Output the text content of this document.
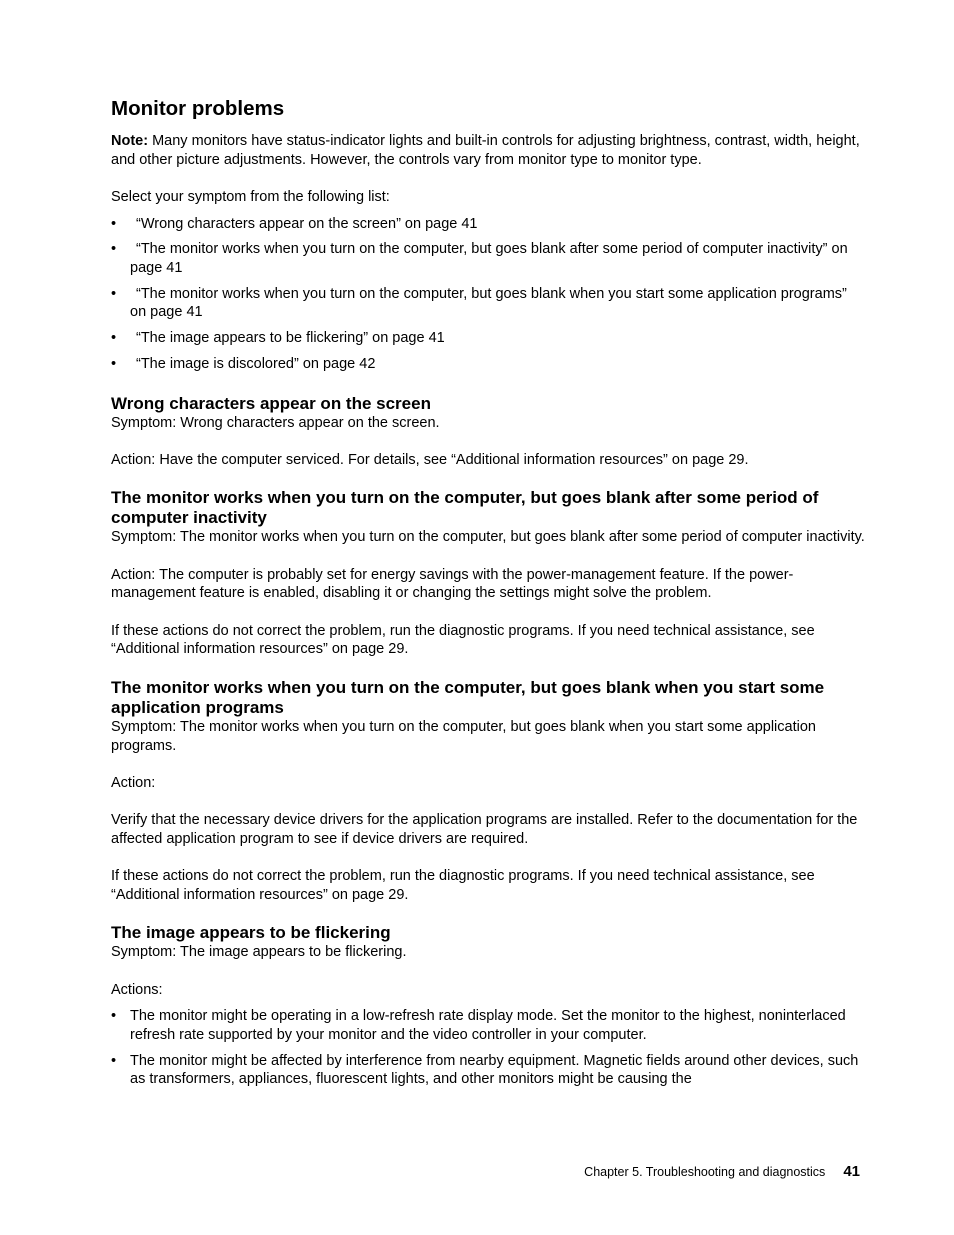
Monitor problems

Note: Many monitors have status-indicator lights and built-in controls for adjusting brightness, contrast, width, height, and other picture adjustments. However, the controls vary from monitor type to monitor type.

Select your symptom from the following list:

• “Wrong characters appear on the screen” on page 41
• “The monitor works when you turn on the computer, but goes blank after some period of computer inactivity” on page 41
• “The monitor works when you turn on the computer, but goes blank when you start some application programs” on page 41
• “The image appears to be flickering” on page 41
• “The image is discolored” on page 42
Wrong characters appear on the screen

Symptom: Wrong characters appear on the screen.

Action: Have the computer serviced. For details, see “Additional information resources” on page 29.

The monitor works when you turn on the computer, but goes blank after some period of computer inactivity

Symptom: The monitor works when you turn on the computer, but goes blank after some period of computer inactivity.

Action: The computer is probably set for energy savings with the power-management feature. If the power-management feature is enabled, disabling it or changing the settings might solve the problem.

If these actions do not correct the problem, run the diagnostic programs. If you need technical assistance, see “Additional information resources” on page 29.

The monitor works when you turn on the computer, but goes blank when you start some application programs

Symptom: The monitor works when you turn on the computer, but goes blank when you start some application programs.

Action:

Verify that the necessary device drivers for the application programs are installed. Refer to the documentation for the affected application program to see if device drivers are required.

If these actions do not correct the problem, run the diagnostic programs. If you need technical assistance, see “Additional information resources” on page 29.

The image appears to be flickering

Symptom: The image appears to be flickering.

Actions:

• The monitor might be operating in a low-refresh rate display mode. Set the monitor to the highest, noninterlaced refresh rate supported by your monitor and the video controller in your computer.
• The monitor might be affected by interference from nearby equipment. Magnetic fields around other devices, such as transformers, appliances, fluorescent lights, and other monitors might be causing the
Chapter 5. Troubleshooting and diagnostics 41
